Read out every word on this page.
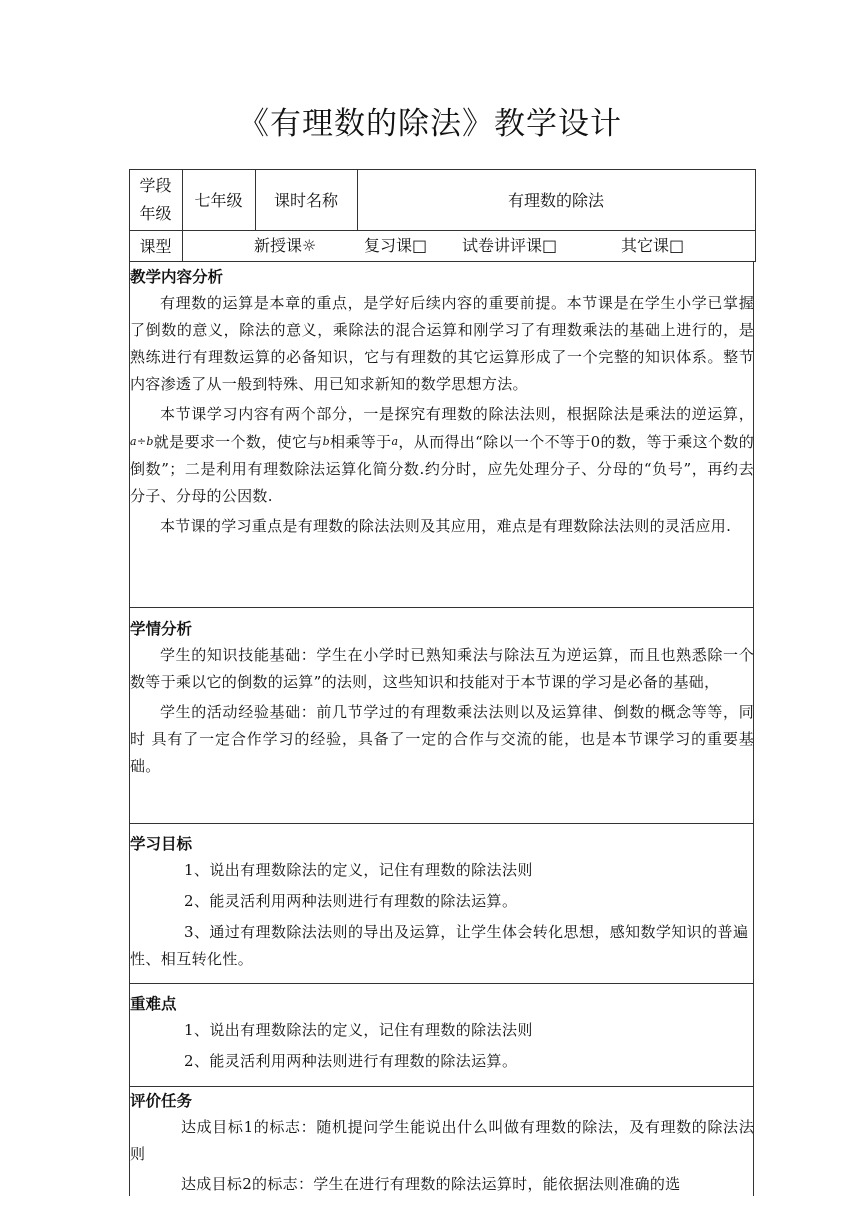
《有理数的除法》教学设计
学段
年级
七年级	课时名称	有理数的除法
课型	新授课☼	复习课□ 试卷讲评课□	其它课□
教学内容分析

有理数的运算是本章的重点，是学好后续内容的重要前提。本节课是在学生小学已掌握了倒数的意义，除法的意义，乘除法的混合运算和刚学习了有理数乘法的基础上进行的，是熟练进行有理数运算的必备知识，它与有理数的其它运算形成了一个完整的知识体系。整节内容渗透了从一般到特殊、用已知求新知的数学思想方法。

本节课学习内容有两个部分，一是探究有理数的除法法则，根据除法是乘法的逆运算，a÷b就是要求一个数，使它与b相乘等于a，从而得出“除以一个不等于0的数，等于乘这个数的倒数”；二是利用有理数除法运算化简分数.约分时，应先处理分子、分母的“负号”，再约去分子、分母的公因数.

本节课的学习重点是有理数的除法法则及其应用，难点是有理数除法法则的灵活应用.

学情分析

学生的知识技能基础：学生在小学时已熟知乘法与除法互为逆运算，而且也熟悉除一个数等于乘以它的倒数的运算”的法则，这些知识和技能对于本节课的学习是必备的基础，

学生的活动经验基础：前几节学过的有理数乘法法则以及运算律、倒数的概念等等，同时 具有了一定合作学习的经验，具备了一定的合作与交流的能，也是本节课学习的重要基础。

学习目标

1、说出有理数除法的定义，记住有理数的除法法则

2、能灵活利用两种法则进行有理数的除法运算。

3、通过有理数除法法则的导出及运算，让学生体会转化思想，感知数学知识的普遍性、相互转化性。

重难点

1、说出有理数除法的定义，记住有理数的除法法则

2、能灵活利用两种法则进行有理数的除法运算。

评价任务

达成目标1的标志：随机提问学生能说出什么叫做有理数的除法，及有理数的除法法则

达成目标2的标志：学生在进行有理数的除法运算时，能依据法则准确的选
